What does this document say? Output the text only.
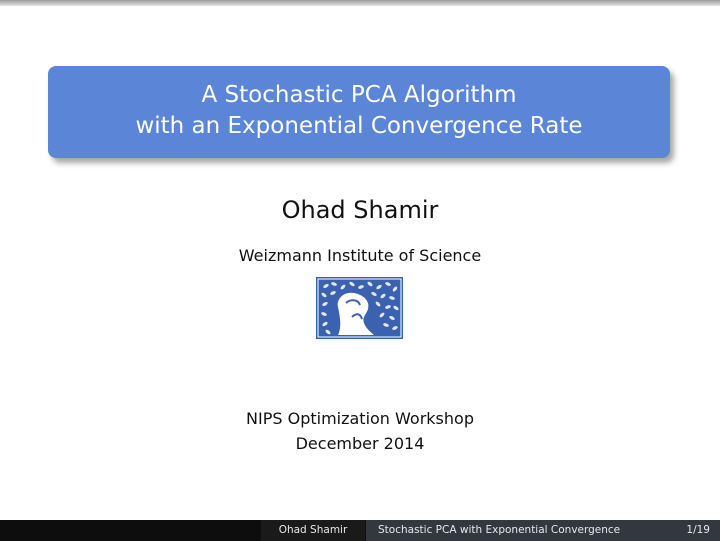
A Stochastic PCA Algorithm
with an Exponential Convergence Rate
Ohad Shamir
Weizmann Institute of Science
NIPS Optimization Workshop
December 2014
Ohad Shamir	Stochastic PCA with Exponential Convergence	1/19
